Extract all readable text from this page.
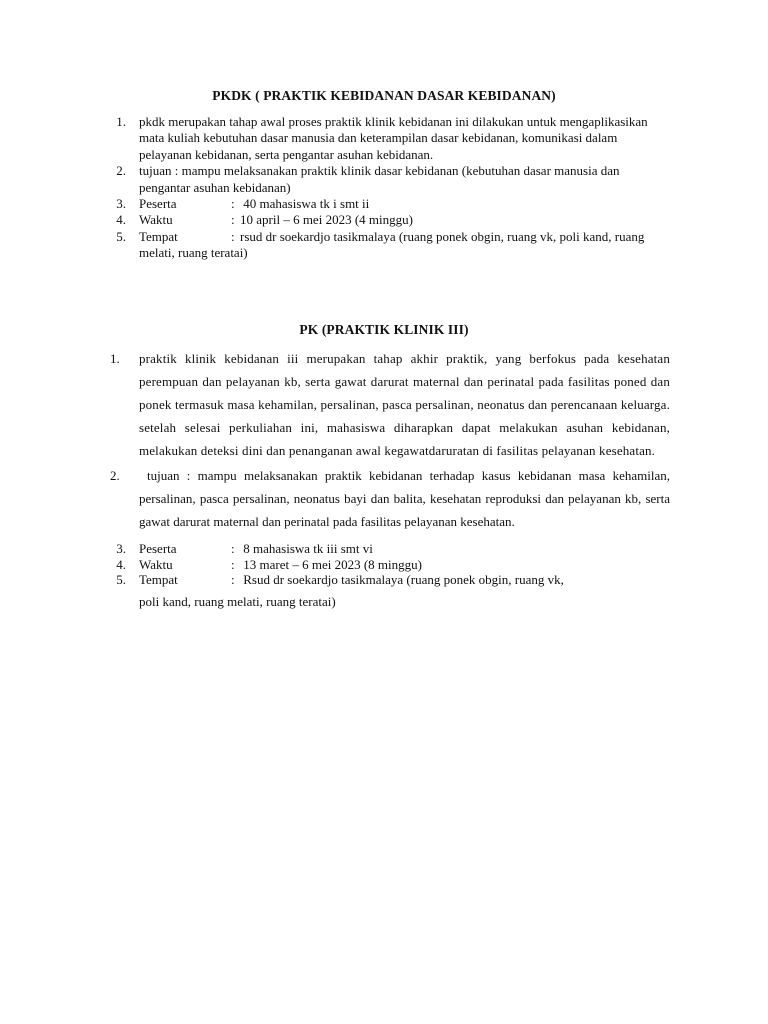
PKDK ( PRAKTIK KEBIDANAN DASAR KEBIDANAN)
1. pkdk merupakan tahap awal proses praktik klinik kebidanan ini dilakukan untuk mengaplikasikan mata kuliah kebutuhan dasar manusia dan keterampilan dasar kebidanan, komunikasi dalam pelayanan kebidanan, serta pengantar asuhan kebidanan.
2. tujuan : mampu melaksanakan praktik klinik dasar kebidanan (kebutuhan dasar manusia dan pengantar asuhan kebidanan)
3. Peserta	: 40 mahasiswa tk i smt ii
4. Waktu	: 10 april – 6 mei 2023 (4 minggu)
5. Tempat	: rsud dr soekardjo tasikmalaya (ruang ponek obgin, ruang vk, poli kand, ruang melati, ruang teratai)
PK (PRAKTIK KLINIK III)
1.	praktik klinik kebidanan iii merupakan tahap akhir praktik, yang berfokus pada kesehatan perempuan dan pelayanan kb, serta gawat darurat maternal dan perinatal pada fasilitas poned dan ponek termasuk masa kehamilan, persalinan, pasca persalinan, neonatus dan perencanaan keluarga. setelah selesai perkuliahan ini, mahasiswa diharapkan dapat melakukan asuhan kebidanan, melakukan deteksi dini dan penanganan awal kegawatdaruratan di fasilitas pelayanan kesehatan.
2.	tujuan : mampu melaksanakan praktik kebidanan terhadap kasus kebidanan masa kehamilan, persalinan, pasca persalinan, neonatus bayi dan balita, kesehatan reproduksi dan pelayanan kb, serta gawat darurat maternal dan perinatal pada fasilitas pelayanan kesehatan.
3. Peserta	: 8 mahasiswa tk iii smt vi
4. Waktu	: 13 maret – 6 mei 2023 (8 minggu)
5. Tempat	: Rsud dr soekardjo tasikmalaya (ruang ponek obgin, ruang vk,
poli kand, ruang melati, ruang teratai)
